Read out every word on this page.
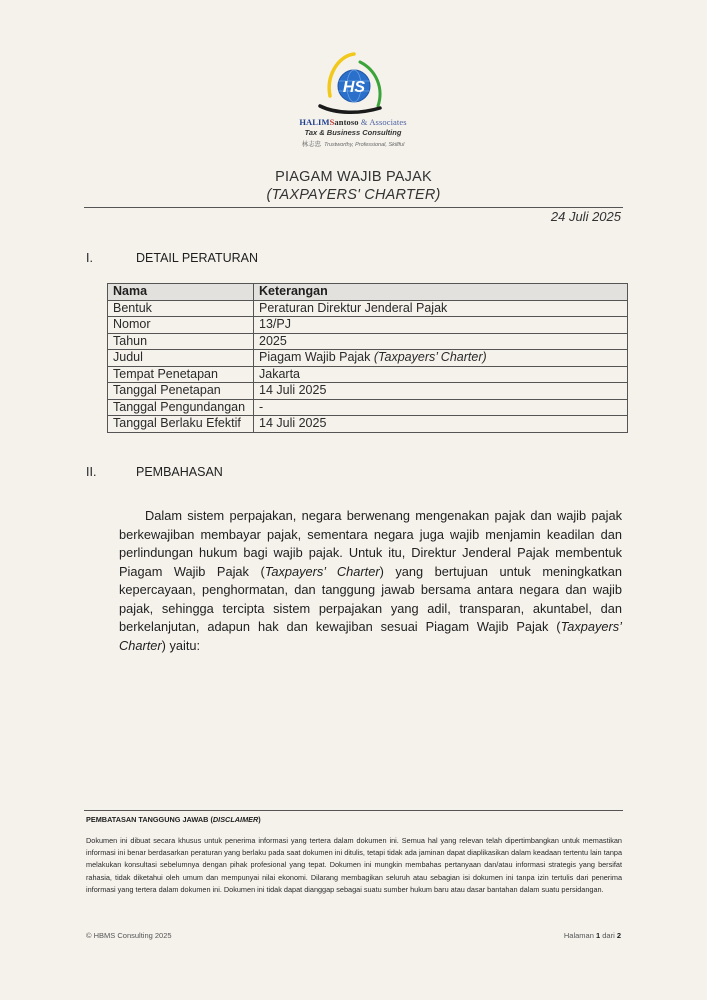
HS
HALIMSantoso & Associates
Tax & Business Consulting
林志忠 Trustworthy, Professional, Skillful
PIAGAM WAJIB PAJAK
(TAXPAYERS' CHARTER)
24 Juli 2025
I.	DETAIL PERATURAN
Nama	Keterangan
Bentuk	Peraturan Direktur Jenderal Pajak
Nomor	13/PJ
Tahun	2025
Judul	Piagam Wajib Pajak (Taxpayers’ Charter)
Tempat Penetapan	Jakarta
Tanggal Penetapan	14 Juli 2025
Tanggal Pengundangan	-
Tanggal Berlaku Efektif	14 Juli 2025
II.	PEMBAHASAN

Dalam sistem perpajakan, negara berwenang mengenakan pajak dan wajib pajak berkewajiban membayar pajak, sementara negara juga wajib menjamin keadilan dan perlindungan hukum bagi wajib pajak. Untuk itu, Direktur Jenderal Pajak membentuk Piagam Wajib Pajak (Taxpayers’ Charter) yang bertujuan untuk meningkatkan kepercayaan, penghormatan, dan tanggung jawab bersama antara negara dan wajib pajak, sehingga tercipta sistem perpajakan yang adil, transparan, akuntabel, dan berkelanjutan, adapun hak dan kewajiban sesuai Piagam Wajib Pajak (Taxpayers’ Charter) yaitu:

PEMBATASAN TANGGUNG JAWAB (DISCLAIMER)

Dokumen ini dibuat secara khusus untuk penerima informasi yang tertera dalam dokumen ini. Semua hal yang relevan telah dipertimbangkan untuk memastikan informasi ini benar berdasarkan peraturan yang berlaku pada saat dokumen ini ditulis, tetapi tidak ada jaminan dapat diaplikasikan dalam keadaan tertentu lain tanpa melakukan konsultasi sebelumnya dengan pihak profesional yang tepat. Dokumen ini mungkin membahas pertanyaan dan/atau informasi strategis yang bersifat rahasia, tidak diketahui oleh umum dan mempunyai nilai ekonomi. Dilarang membagikan seluruh atau sebagian isi dokumen ini tanpa izin tertulis dari penerima informasi yang tertera dalam dokumen ini. Dokumen ini tidak dapat dianggap sebagai suatu sumber hukum baru atau dasar bantahan dalam suatu persidangan.

© HBMS Consulting 2025	Halaman 1 dari 2
